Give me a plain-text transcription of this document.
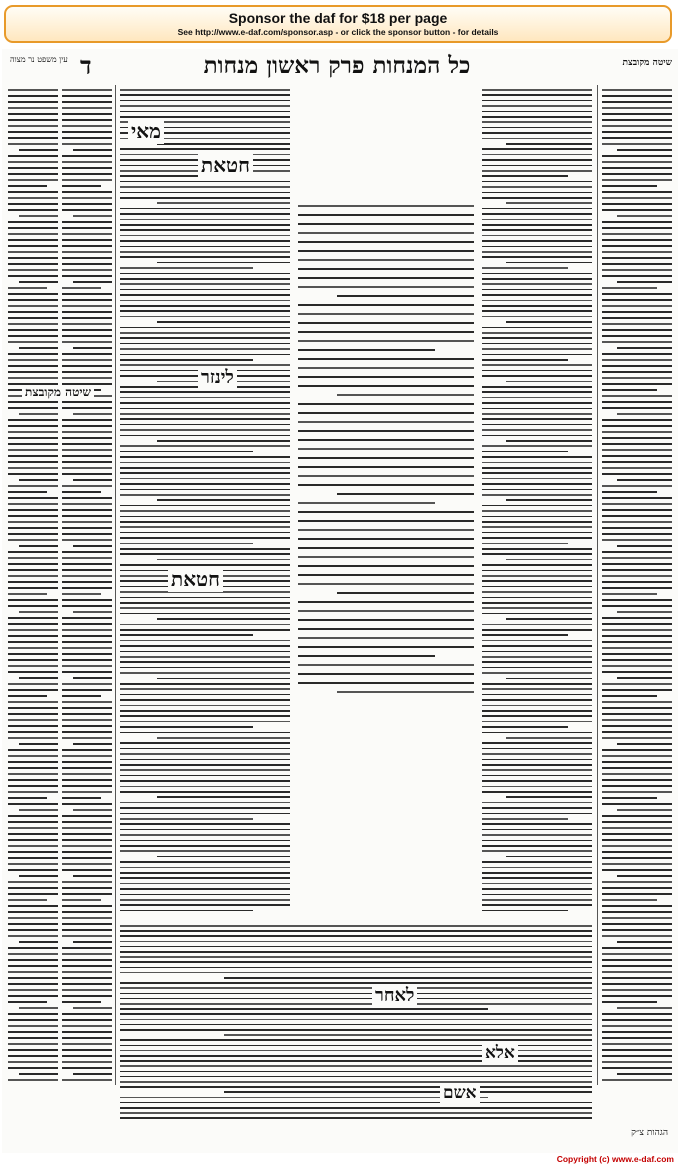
Sponsor the daf for $18 per page
See http://www.e-daf.com/sponsor.asp - or click the sponsor button - for details
עין משפט נר מצוה ד	כל המנחות פרק ראשון מנחות	שיטה מקובצת
חטאת
מאי
לינזר
שיטה מקובצת
חטאת
לאחר
אלא
אשם
הגהות צ״ק
Copyright (c) www.e-daf.com
